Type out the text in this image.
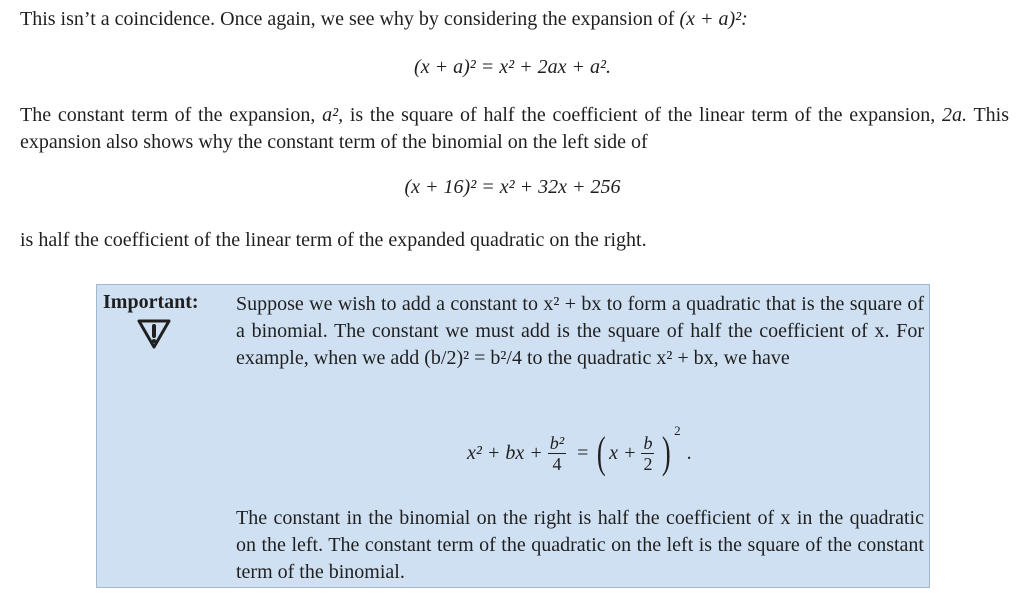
This isn’t a coincidence. Once again, we see why by considering the expansion of (x + a)²:

(x + a)² = x² + 2ax + a².

The constant term of the expansion, a², is the square of half the coefficient of the linear term of the expansion, 2a. This expansion also shows why the constant term of the binomial on the left side of

(x + 16)² = x² + 32x + 256

is half the coefficient of the linear term of the expanded quadratic on the right.

Important: Suppose we wish to add a constant to x² + bx to form a quadratic that is the square of a binomial. The constant we must add is the square of half the coefficient of x. For example, when we add (b/2)² = b²/4 to the quadratic x² + bx, we have

x² + bx + $\frac{\text{b²}}{4}$ = ( $x + \frac{b}{2}$ ) 2
.

The constant in the binomial on the right is half the coefficient of x in the quadratic on the left. The constant term of the quadratic on the left is the square of the constant term of the binomial.
